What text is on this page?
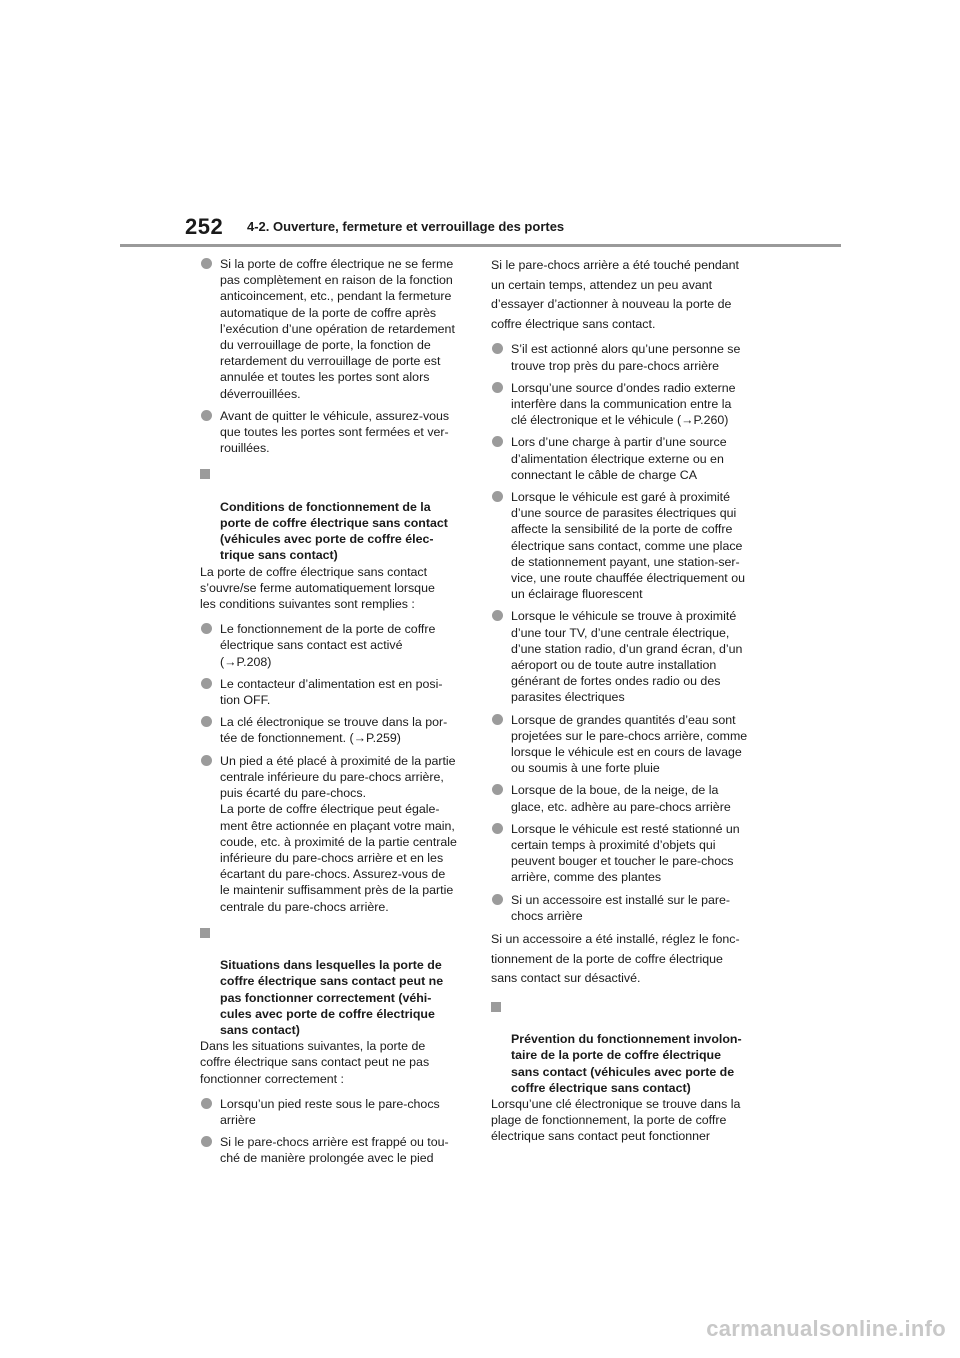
252 4-2. Ouverture, fermeture et verrouillage des portes
Si la porte de coffre électrique ne se ferme
pas complètement en raison de la fonction
anticoincement, etc., pendant la fermeture
automatique de la porte de coffre après
l’exécution d’une opération de retardement
du verrouillage de porte, la fonction de
retardement du verrouillage de porte est
annulée et toutes les portes sont alors
déverrouillées.
Avant de quitter le véhicule, assurez-vous
que toutes les portes sont fermées et ver-
rouillées.

Conditions de fonctionnement de la
porte de coffre électrique sans contact
(véhicules avec porte de coffre élec-
trique sans contact)

La porte de coffre électrique sans contact
s’ouvre/se ferme automatiquement lorsque
les conditions suivantes sont remplies :
Le fonctionnement de la porte de coffre
électrique sans contact est activé
(→P.208)
Le contacteur d’alimentation est en posi-
tion OFF.
La clé électronique se trouve dans la por-
tée de fonctionnement. (→P.259)
Un pied a été placé à proximité de la partie
centrale inférieure du pare-chocs arrière,
puis écarté du pare-chocs.
La porte de coffre électrique peut égale-
ment être actionnée en plaçant votre main,
coude, etc. à proximité de la partie centrale
inférieure du pare-chocs arrière et en les
écartant du pare-chocs. Assurez-vous de
le maintenir suffisamment près de la partie
centrale du pare-chocs arrière.

Situations dans lesquelles la porte de
coffre électrique sans contact peut ne
pas fonctionner correctement (véhi-
cules avec porte de coffre électrique
sans contact)

Dans les situations suivantes, la porte de
coffre électrique sans contact peut ne pas
fonctionner correctement :
Lorsqu’un pied reste sous le pare-chocs
arrière
Si le pare-chocs arrière est frappé ou tou-
ché de manière prolongée avec le pied
Si le pare-chocs arrière a été touché pendant
un certain temps, attendez un peu avant
d’essayer d’actionner à nouveau la porte de
coffre électrique sans contact.
S’il est actionné alors qu’une personne se
trouve trop près du pare-chocs arrière
Lorsqu’une source d’ondes radio externe
interfère dans la communication entre la
clé électronique et le véhicule (→P.260)
Lors d’une charge à partir d’une source
d’alimentation électrique externe ou en
connectant le câble de charge CA
Lorsque le véhicule est garé à proximité
d’une source de parasites électriques qui
affecte la sensibilité de la porte de coffre
électrique sans contact, comme une place
de stationnement payant, une station-ser-
vice, une route chauffée électriquement ou
un éclairage fluorescent
Lorsque le véhicule se trouve à proximité
d’une tour TV, d’une centrale électrique,
d’une station radio, d’un grand écran, d’un
aéroport ou de toute autre installation
générant de fortes ondes radio ou des
parasites électriques
Lorsque de grandes quantités d’eau sont
projetées sur le pare-chocs arrière, comme
lorsque le véhicule est en cours de lavage
ou soumis à une forte pluie
Lorsque de la boue, de la neige, de la
glace, etc. adhère au pare-chocs arrière
Lorsque le véhicule est resté stationné un
certain temps à proximité d’objets qui
peuvent bouger et toucher le pare-chocs
arrière, comme des plantes
Si un accessoire est installé sur le pare-
chocs arrière
Si un accessoire a été installé, réglez le fonc-
tionnement de la porte de coffre électrique
sans contact sur désactivé.

Prévention du fonctionnement involon-
taire de la porte de coffre électrique
sans contact (véhicules avec porte de
coffre électrique sans contact)

Lorsqu’une clé électronique se trouve dans la
plage de fonctionnement, la porte de coffre
électrique sans contact peut fonctionner
carmanualsonline.info
